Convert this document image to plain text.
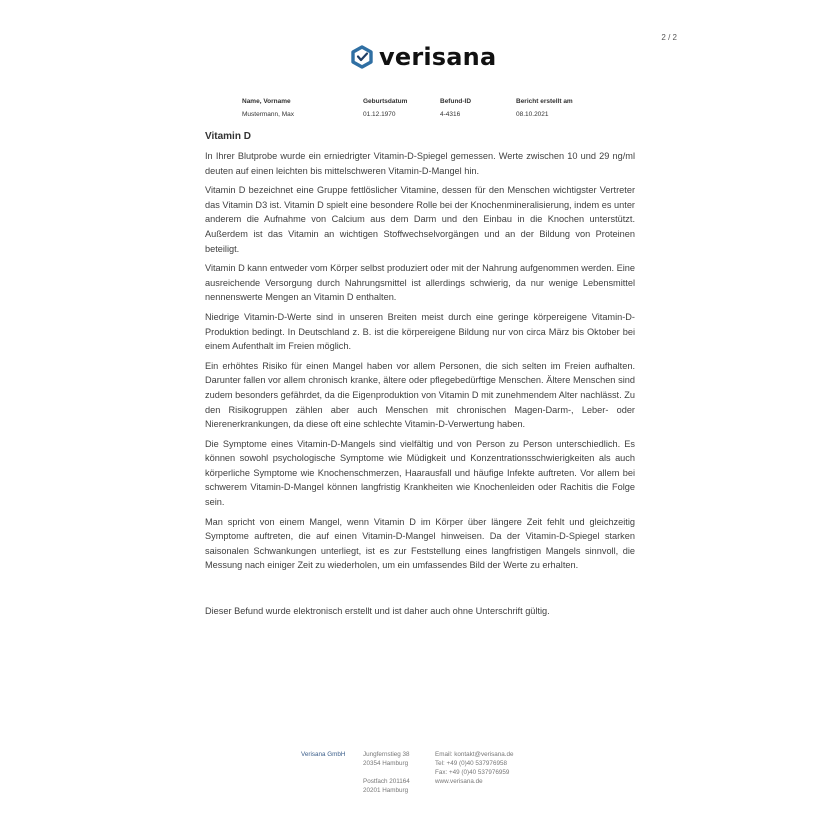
2 / 2
verisana
Name, Vorname
Mustermann, Max
Geburtsdatum
01.12.1970
Befund-ID
4-4316
Bericht erstellt am
08.10.2021
Vitamin D

In Ihrer Blutprobe wurde ein erniedrigter Vitamin-D-Spiegel gemessen. Werte zwischen 10 und 29 ng/ml deuten auf einen leichten bis mittelschweren Vitamin-D-Mangel hin.

Vitamin D bezeichnet eine Gruppe fettlöslicher Vitamine, dessen für den Menschen wichtigster Vertreter das Vitamin D3 ist. Vitamin D spielt eine besondere Rolle bei der Knochenmineralisierung, indem es unter anderem die Aufnahme von Calcium aus dem Darm und den Einbau in die Knochen unterstützt. Außerdem ist das Vitamin an wichtigen Stoffwechselvorgängen und an der Bildung von Proteinen beteiligt.

Vitamin D kann entweder vom Körper selbst produziert oder mit der Nahrung aufgenommen werden. Eine ausreichende Versorgung durch Nahrungsmittel ist allerdings schwierig, da nur wenige Lebensmittel nennenswerte Mengen an Vitamin D enthalten.

Niedrige Vitamin-D-Werte sind in unseren Breiten meist durch eine geringe körpereigene Vitamin-D-Produktion bedingt. In Deutschland z. B. ist die körpereigene Bildung nur von circa März bis Oktober bei einem Aufenthalt im Freien möglich.

Ein erhöhtes Risiko für einen Mangel haben vor allem Personen, die sich selten im Freien aufhalten. Darunter fallen vor allem chronisch kranke, ältere oder pflegebedürftige Menschen. Ältere Menschen sind zudem besonders gefährdet, da die Eigenproduktion von Vitamin D mit zunehmendem Alter nachlässt. Zu den Risikogruppen zählen aber auch Menschen mit chronischen Magen-Darm-, Leber- oder Nierenerkrankungen, da diese oft eine schlechte Vitamin-D-Verwertung haben.

Die Symptome eines Vitamin-D-Mangels sind vielfältig und von Person zu Person unterschiedlich. Es können sowohl psychologische Symptome wie Müdigkeit und Konzentrationsschwierigkeiten als auch körperliche Symptome wie Knochenschmerzen, Haarausfall und häufige Infekte auftreten. Vor allem bei schwerem Vitamin-D-Mangel können langfristig Krankheiten wie Knochenleiden oder Rachitis die Folge sein.

Man spricht von einem Mangel, wenn Vitamin D im Körper über längere Zeit fehlt und gleichzeitig Symptome auftreten, die auf einen Vitamin-D-Mangel hinweisen. Da der Vitamin-D-Spiegel starken saisonalen Schwankungen unterliegt, ist es zur Feststellung eines langfristigen Mangels sinnvoll, die Messung nach einiger Zeit zu wiederholen, um ein umfassendes Bild der Werte zu erhalten.

Dieser Befund wurde elektronisch erstellt und ist daher auch ohne Unterschrift gültig.
Verisana GmbH	Jungfernstieg 38
20354 Hamburg
Postfach 201164
20201 Hamburg
Email: kontakt@verisana.de
Tel: +49 (0)40 537976958
Fax: +49 (0)40 537976959
www.verisana.de
